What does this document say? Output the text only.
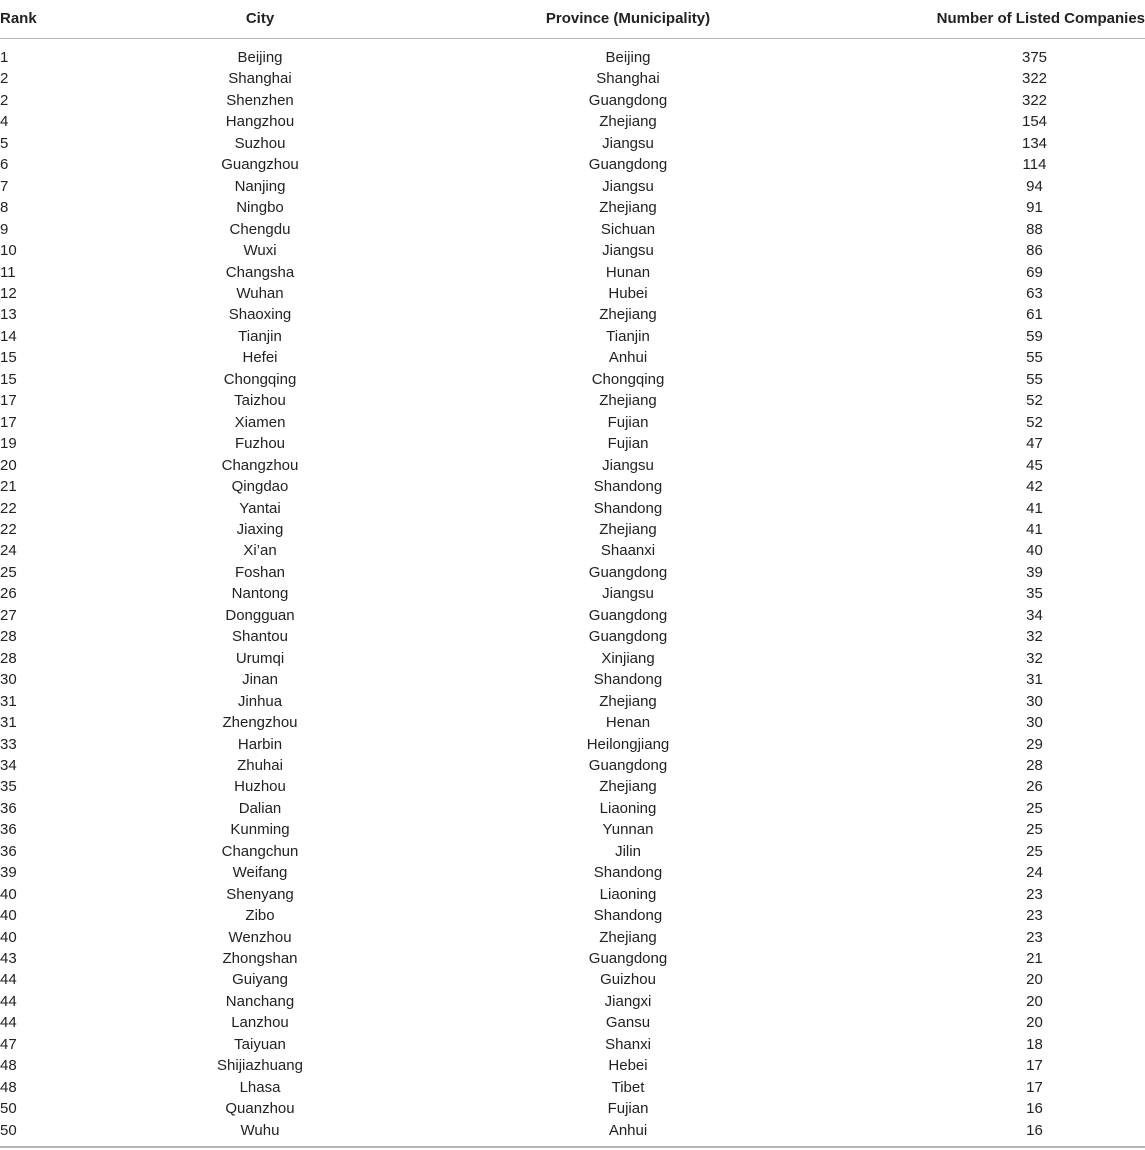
Rank	City	Province (Municipality)	Number of Listed Companies

1	Beijing	Beijing	375
2	Shanghai	Shanghai	322
2	Shenzhen	Guangdong	322
4	Hangzhou	Zhejiang	154
5	Suzhou	Jiangsu	134
6	Guangzhou	Guangdong	114
7	Nanjing	Jiangsu	94
8	Ningbo	Zhejiang	91
9	Chengdu	Sichuan	88
10	Wuxi	Jiangsu	86
11	Changsha	Hunan	69
12	Wuhan	Hubei	63
13	Shaoxing	Zhejiang	61
14	Tianjin	Tianjin	59
15	Hefei	Anhui	55
15	Chongqing	Chongqing	55
17	Taizhou	Zhejiang	52
17	Xiamen	Fujian	52
19	Fuzhou	Fujian	47
20	Changzhou	Jiangsu	45
21	Qingdao	Shandong	42
22	Yantai	Shandong	41
22	Jiaxing	Zhejiang	41
24	Xi’an	Shaanxi	40
25	Foshan	Guangdong	39
26	Nantong	Jiangsu	35
27	Dongguan	Guangdong	34
28	Shantou	Guangdong	32
28	Urumqi	Xinjiang	32
30	Jinan	Shandong	31
31	Jinhua	Zhejiang	30
31	Zhengzhou	Henan	30
33	Harbin	Heilongjiang	29
34	Zhuhai	Guangdong	28
35	Huzhou	Zhejiang	26
36	Dalian	Liaoning	25
36	Kunming	Yunnan	25
36	Changchun	Jilin	25
39	Weifang	Shandong	24
40	Shenyang	Liaoning	23
40	Zibo	Shandong	23
40	Wenzhou	Zhejiang	23
43	Zhongshan	Guangdong	21
44	Guiyang	Guizhou	20
44	Nanchang	Jiangxi	20
44	Lanzhou	Gansu	20
47	Taiyuan	Shanxi	18
48	Shijiazhuang	Hebei	17
48	Lhasa	Tibet	17
50	Quanzhou	Fujian	16
50	Wuhu	Anhui	16
